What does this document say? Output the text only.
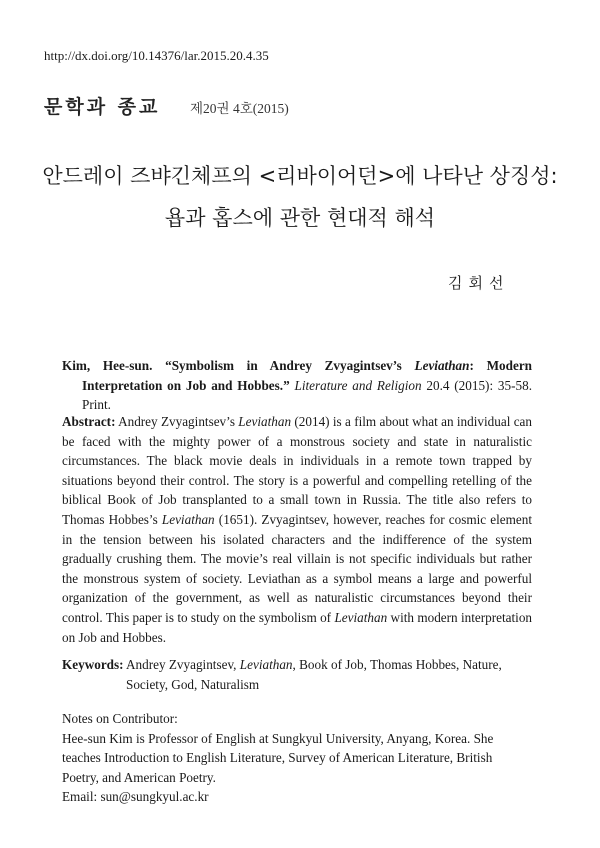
http://dx.doi.org/10.14376/lar.2015.20.4.35
문학과 종교 제20권 4호(2015)
안드레이 즈뱌긴체프의 <리바이어던>에 나타난 상징성:
욥과 홉스에 관한 현대적 해석
김회선
Kim, Hee-sun. “Symbolism in Andrey Zvyagintsev’s Leviathan: Modern Interpretation on Job and Hobbes.” Literature and Religion 20.4 (2015): 35-58. Print.
Abstract: Andrey Zvyagintsev’s Leviathan (2014) is a film about what an individual can be faced with the mighty power of a monstrous society and state in naturalistic circumstances. The black movie deals in individuals in a remote town trapped by situations beyond their control. The story is a powerful and compelling retelling of the biblical Book of Job transplanted to a small town in Russia. The title also refers to Thomas Hobbes’s Leviathan (1651). Zvyagintsev, however, reaches for cosmic element in the tension between his isolated characters and the indifference of the system gradually crushing them. The movie’s real villain is not specific individuals but rather the monstrous system of society. Leviathan as a symbol means a large and powerful organization of the government, as well as naturalistic circumstances beyond their control. This paper is to study on the symbolism of Leviathan with modern interpretation on Job and Hobbes.
Keywords: Andrey Zvyagintsev, Leviathan, Book of Job, Thomas Hobbes, Nature, Society, God, Naturalism
Notes on Contributor:
Hee-sun Kim is Professor of English at Sungkyul University, Anyang, Korea. She teaches Introduction to English Literature, Survey of American Literature, British Poetry, and American Poetry.
Email: sun@sungkyul.ac.kr
